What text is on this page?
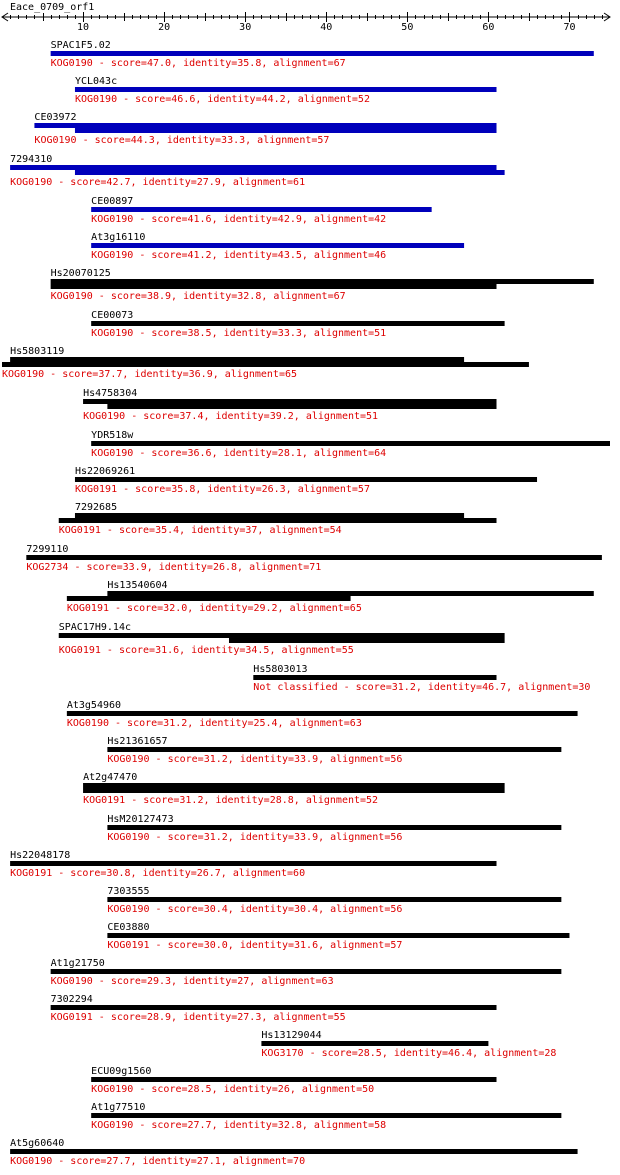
Eace_0709_orf1
10	20	30	40	50	60	70
SPAC1F5.02
KOG0190 - score=47.0, identity=35.8, alignment=67
YCL043c
KOG0190 - score=46.6, identity=44.2, alignment=52
CE03972
KOG0190 - score=44.3, identity=33.3, alignment=57
7294310
KOG0190 - score=42.7, identity=27.9, alignment=61
CE00897
KOG0190 - score=41.6, identity=42.9, alignment=42
At3g16110
KOG0190 - score=41.2, identity=43.5, alignment=46
Hs20070125
KOG0190 - score=38.9, identity=32.8, alignment=67
CE00073
KOG0190 - score=38.5, identity=33.3, alignment=51
Hs5803119
KOG0190 - score=37.7, identity=36.9, alignment=65
Hs4758304
KOG0190 - score=37.4, identity=39.2, alignment=51
YDR518w
KOG0190 - score=36.6, identity=28.1, alignment=64
Hs22069261
KOG0191 - score=35.8, identity=26.3, alignment=57
7292685
KOG0191 - score=35.4, identity=37, alignment=54
7299110
KOG2734 - score=33.9, identity=26.8, alignment=71
Hs13540604
KOG0191 - score=32.0, identity=29.2, alignment=65
SPAC17H9.14c
KOG0191 - score=31.6, identity=34.5, alignment=55
Hs5803013
Not classified - score=31.2, identity=46.7, alignment=30
At3g54960
KOG0190 - score=31.2, identity=25.4, alignment=63
Hs21361657
KOG0190 - score=31.2, identity=33.9, alignment=56
At2g47470
KOG0191 - score=31.2, identity=28.8, alignment=52
HsM20127473
KOG0190 - score=31.2, identity=33.9, alignment=56
Hs22048178
KOG0191 - score=30.8, identity=26.7, alignment=60
7303555
KOG0190 - score=30.4, identity=30.4, alignment=56
CE03880
KOG0191 - score=30.0, identity=31.6, alignment=57
At1g21750
KOG0190 - score=29.3, identity=27, alignment=63
7302294
KOG0191 - score=28.9, identity=27.3, alignment=55
Hs13129044
KOG3170 - score=28.5, identity=46.4, alignment=28
ECU09g1560
KOG0190 - score=28.5, identity=26, alignment=50
At1g77510
KOG0190 - score=27.7, identity=32.8, alignment=58
At5g60640
KOG0190 - score=27.7, identity=27.1, alignment=70
